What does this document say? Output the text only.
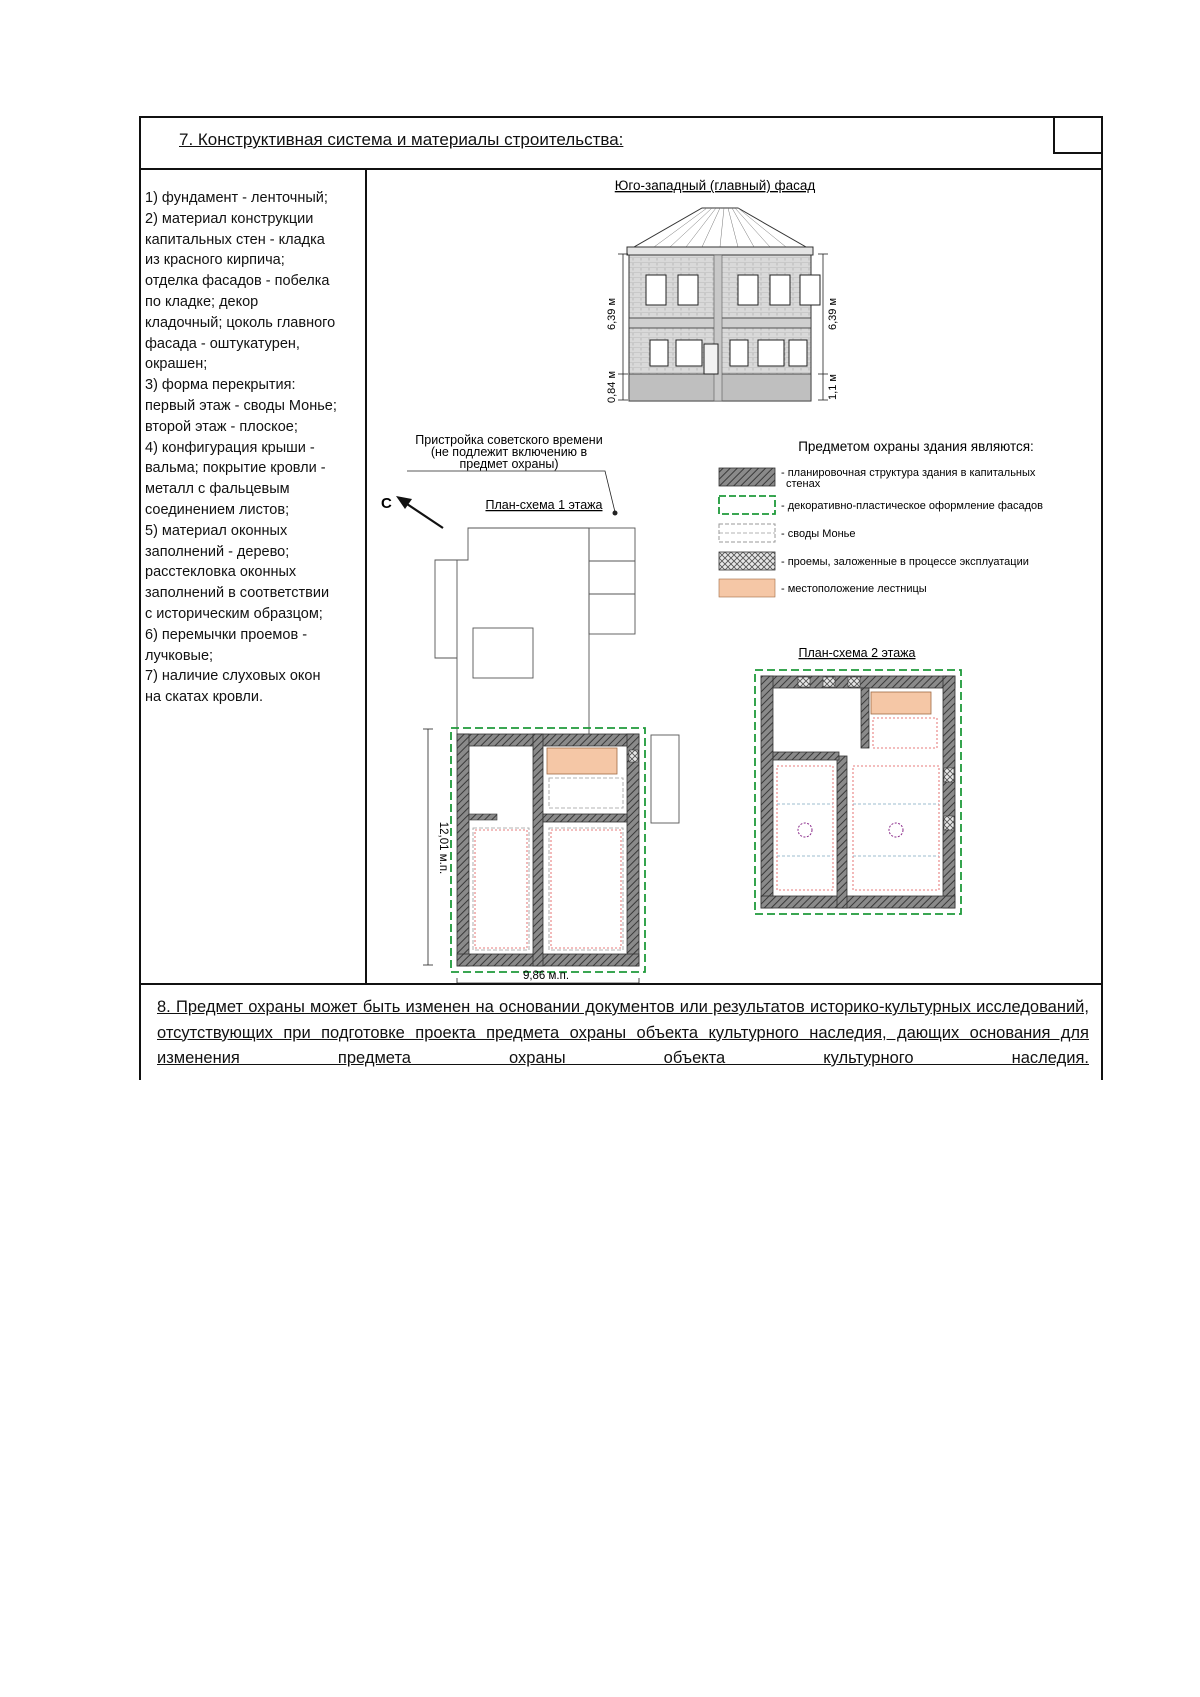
7. Конструктивная система и материалы строительства:
1) фундамент - ленточный;
2) материал конструкции
капитальных стен - кладка
из красного кирпича;
отделка фасадов - побелка
по кладке; декор
кладочный; цоколь главного
фасада - оштукатурен,
окрашен;
3) форма перекрытия:
первый этаж - своды Монье;
второй этаж - плоское;
4) конфигурация крыши -
вальма; покрытие кровли -
металл с фальцевым
соединением листов;
5) материал оконных
заполнений - дерево;
расстекловка оконных
заполнений в соответствии
с историческим образцом;
6) перемычки проемов -
лучковые;
7) наличие слуховых окон
на скатах кровли.
Юго-западный (главный) фасад
6,39 м
0,84 м
6,39 м
1,1 м
Пристройка советского времени
(не подлежит включению в
предмет охраны)
С	План-схема 1 этажа
12,01 м.п.
9,86 м.п.
Предметом охраны здания являются:
- планировочная структура здания в капитальных
стенах
- декоративно-пластическое оформление фасадов
- своды Монье
- проемы, заложенные в процессе эксплуатации
- местоположение лестницы
План-схема 2 этажа

8. Предмет охраны может быть изменен на основании документов или результатов историко-культурных исследований, отсутствующих при подготовке проекта предмета охраны объекта культурного наследия, дающих основания для изменения предмета охраны объекта культурного наследия.
